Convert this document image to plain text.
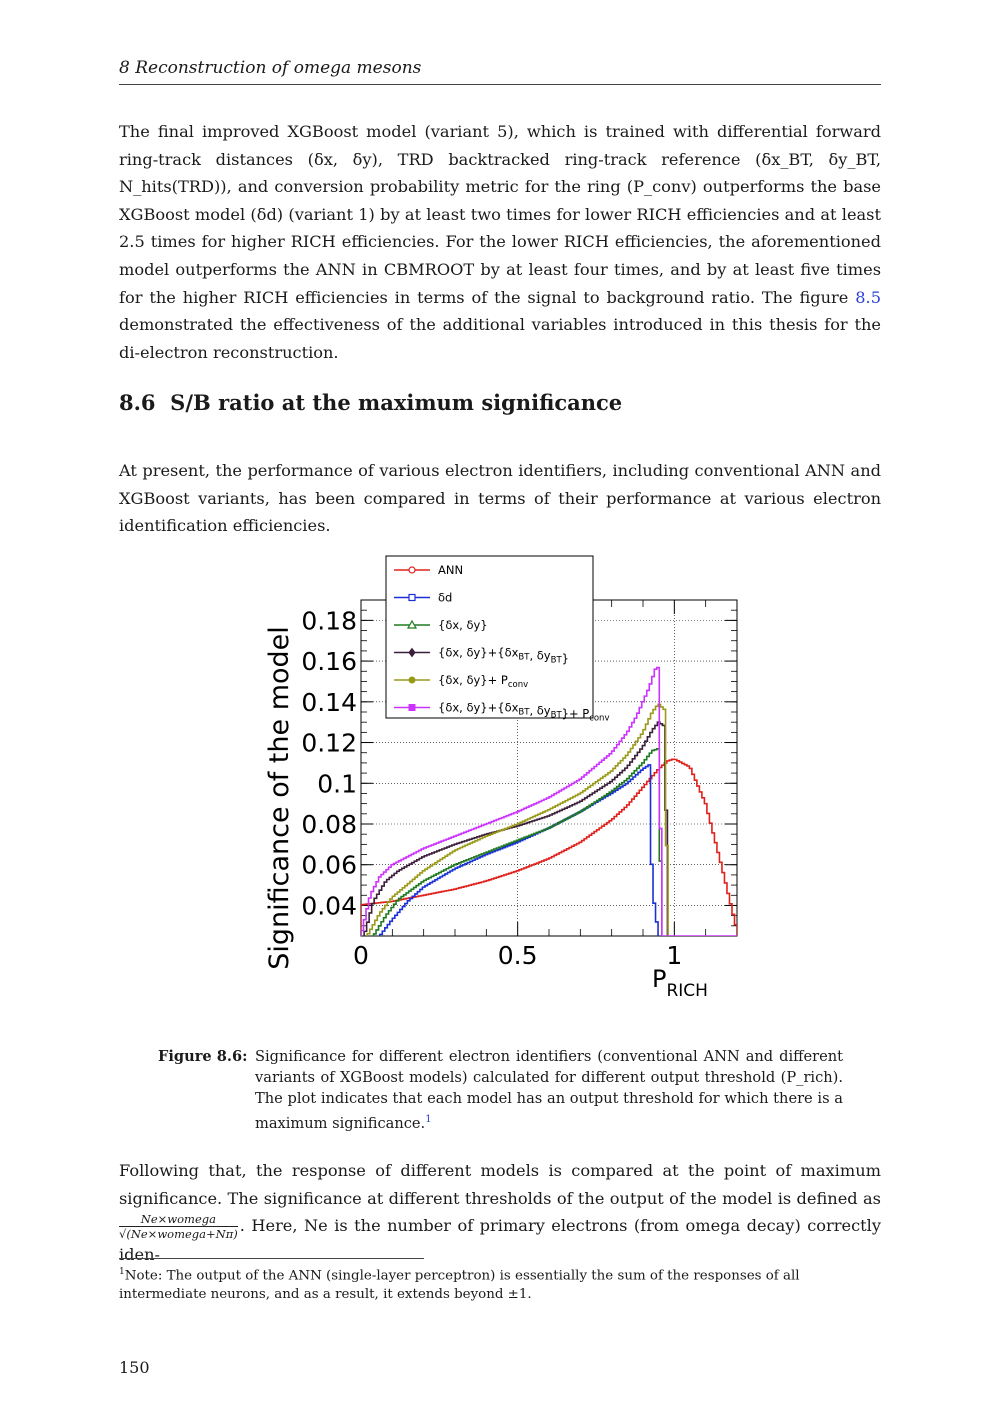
8 Reconstruction of omega mesons

The final improved XGBoost model (variant 5), which is trained with differential forward ring-track distances (δx, δy), TRD backtracked ring-track reference (δx_BT, δy_BT, N_hits(TRD)), and conversion probability metric for the ring (P_conv) outperforms the base XGBoost model (δd) (variant 1) by at least two times for lower RICH efficiencies and at least 2.5 times for higher RICH efficiencies. For the lower RICH efficiencies, the aforementioned model outperforms the ANN in CBMROOT by at least four times, and by at least five times for the higher RICH efficiencies in terms of the signal to background ratio. The figure 8.5 demonstrated the effectiveness of the additional variables introduced in this thesis for the di-electron reconstruction.

8.6 S/B ratio at the maximum significance

At present, the performance of various electron identifiers, including conventional ANN and XGBoost variants, has been compared in terms of their performance at various electron identification efficiencies.

0.04
0.06
0.08
0.1
0.12
0.14
0.16
0.18
0	0.5	1
Significance of the model
$P_{RICH}$
ANN
δd
{δx, δy}
{δx, $\delta y\}+\{\delta x_{BT}$, $\delta y_{BT}$}
{δx, $\delta y\}+ P_{conv}$
{δx, $\delta y\}+\{\delta x_{BT}$, $\delta y_{BT}\}+ P_{conv}$
Figure 8.6: Significance for different electron identifiers (conventional ANN and different variants of XGBoost models) calculated for different output threshold (P_rich). The plot indicates that each model has an output threshold for which there is a maximum significance.$^1$

Following that, the response of different models is compared at the point of maximum significance. The significance at different thresholds of the output of the model is defined as
Ne×womega
√(Ne×womega+Nπ) . Here, Ne is the number of primary electrons (from omega decay) correctly iden-

$^1$Note: The output of the ANN (single-layer perceptron) is essentially the sum of the responses of all intermediate neurons, and as a result, it extends beyond ±1.
150
